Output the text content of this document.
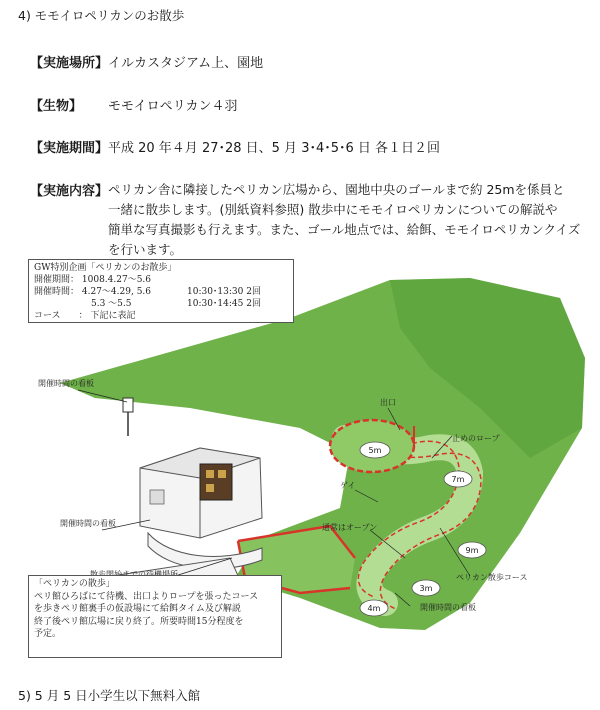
4) モモイロペリカンのお散歩
【実施場所】 イルカスタジアム上、園地
【生物】 モモイロペリカン４羽
【実施期間】 平成 20 年４月 27･28 日、5 月 3･4･5･6 日 各１日２回
【実施内容】 ペリカン舎に隣接したペリカン広場から、園地中央のゴールまで約 25mを係員と
一緒に散歩します。(別紙資料参照) 散歩中にモモイロペリカンについての解説や
簡単な写真撮影も行えます。また、ゴール地点では、給餌、モモイロペリカンクイズ
を行います。
5m
7m
9m
3m
4m
開催時間の看板
出口
止めのロープ
ゲイ
通常はオープン
開催時間の看板
ペリカン散歩コース
開催時間の看板
GW特別企画「ペリカンのお散歩」
開催期間： 1008.4.27～5.6
開催時間： 4.27～4.29, 5.6	10:30･13:30 2回
5.3 ～5.5	10:30･14:45 2回
コース　　： 下記に表記
「ペリカンの散歩」
ペリ館ひろばにて待機、出口よりロープを張ったコース
を歩きペリ館裏手の仮設場にて給餌タイム及び解説
終了後ペリ館広場に戻り終了。所要時間15分程度を
予定。
5) 5 月 5 日小学生以下無料入館
